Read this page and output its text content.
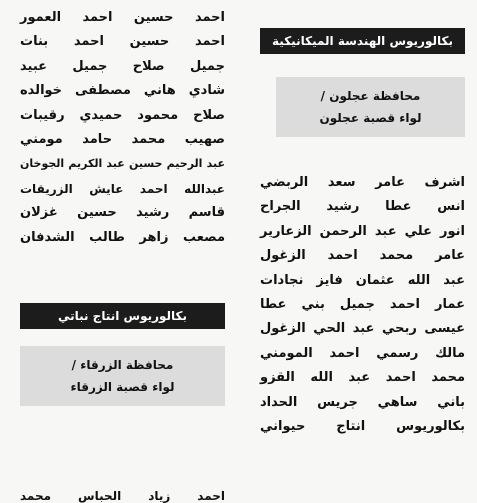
بكالوريوس الهندسة الميكانيكية
محافظة عجلون /
لواء قصبة عجلون
اشرف عامر سعد الربضي
انس عطا رشيد الجراح
انور علي عبد الرحمن الزعارير
عامر محمد احمد الزغول
عبد الله عثمان فايز نجادات
عمار احمد جميل بني عطا
عيسى ربحي عبد الحي الزغول
مالك رسمي احمد المومني
محمد احمد عبد الله القزو
باني ساهي جريس الحداد
بكالوريوس انتاج حيواني
احمد حسين احمد العمور
احمد حسين احمد بنات
جميل صلاح جميل عبيد
شادي هاني مصطفى خوالده
صلاح محمود حميدي رقيبات
صهيب محمد حامد مومني
عبد الرحيم حسين عبد الكريم الجوخان
عبدالله احمد عايش الزريقات
قاسم رشيد حسين غزلان
مصعب زاهر طالب الشدفان
بكالوريوس انتاج نباتي
محافظة الزرقاء /
لواء قصبة الزرقاء
احمد زياد الحباس محمد
